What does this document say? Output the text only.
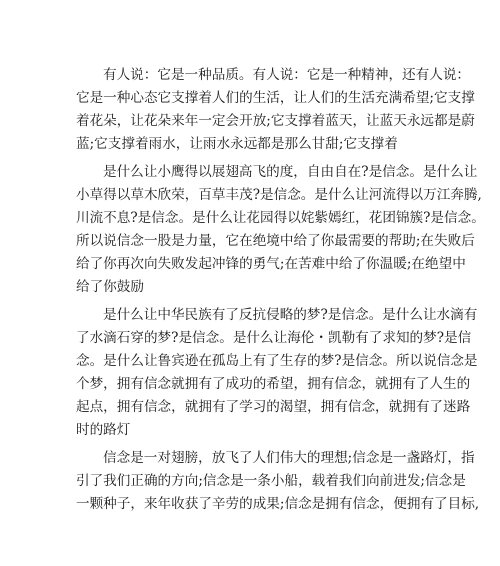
有人说：它是一种品质。有人说：它是一种精神，还有人说：
它是一种心态它支撑着人们的生活，让人们的生活充满希望;它支撑
着花朵，让花朵来年一定会开放;它支撑着蓝天，让蓝天永远都是蔚
蓝;它支撑着雨水，让雨水永远都是那么甘甜;它支撑着

是什么让小鹰得以展翅高飞的度，自由自在?是信念。是什么让
小草得以草木欣荣，百草丰茂?是信念。是什么让河流得以万江奔腾,
川流不息?是信念。是什么让花园得以姹紫嫣红，花团锦簇?是信念。
所以说信念一股是力量，它在绝境中给了你最需要的帮助;在失败后
给了你再次向失败发起冲锋的勇气;在苦难中给了你温暖;在绝望中
给了你鼓励

是什么让中华民族有了反抗侵略的梦?是信念。是什么让水滴有
了水滴石穿的梦?是信念。是什么让海伦・凯勒有了求知的梦?是信
念。是什么让鲁宾逊在孤岛上有了生存的梦?是信念。所以说信念是
个梦，拥有信念就拥有了成功的希望，拥有信念，就拥有了人生的
起点，拥有信念，就拥有了学习的渴望，拥有信念，就拥有了迷路
时的路灯

信念是一对翅膀，放飞了人们伟大的理想;信念是一盏路灯，指
引了我们正确的方向;信念是一条小船，载着我们向前进发;信念是
一颗种子，来年收获了辛劳的成果;信念是拥有信念，便拥有了目标,
